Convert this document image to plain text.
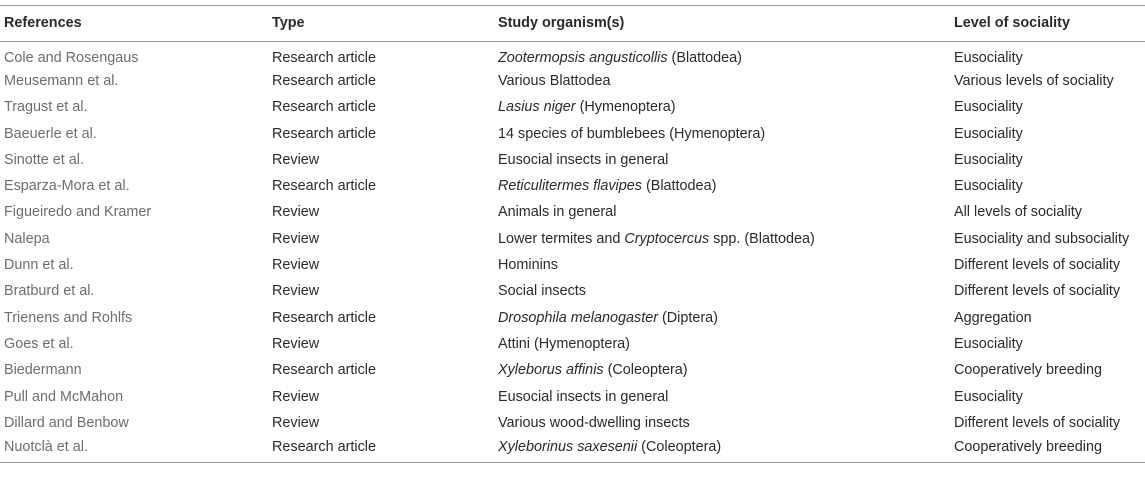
References	Type	Study organism(s)	Level of sociality
Cole and Rosengaus	Research article	Zootermopsis angusticollis (Blattodea)	Eusociality
Meusemann et al.	Research article	Various Blattodea	Various levels of sociality
Tragust et al.	Research article	Lasius niger (Hymenoptera)	Eusociality
Baeuerle et al.	Research article	14 species of bumblebees (Hymenoptera)	Eusociality
Sinotte et al.	Review	Eusocial insects in general	Eusociality
Esparza-Mora et al.	Research article	Reticulitermes flavipes (Blattodea)	Eusociality
Figueiredo and Kramer	Review	Animals in general	All levels of sociality
Nalepa	Review	Lower termites and Cryptocercus spp. (Blattodea)	Eusociality and subsociality
Dunn et al.	Review	Hominins	Different levels of sociality
Bratburd et al.	Review	Social insects	Different levels of sociality
Trienens and Rohlfs	Research article	Drosophila melanogaster (Diptera)	Aggregation
Goes et al.	Review	Attini (Hymenoptera)	Eusociality
Biedermann	Research article	Xyleborus affinis (Coleoptera)	Cooperatively breeding
Pull and McMahon	Review	Eusocial insects in general	Eusociality
Dillard and Benbow	Review	Various wood-dwelling insects	Different levels of sociality
Nuotclà et al.	Research article	Xyleborinus saxesenii (Coleoptera)	Cooperatively breeding
